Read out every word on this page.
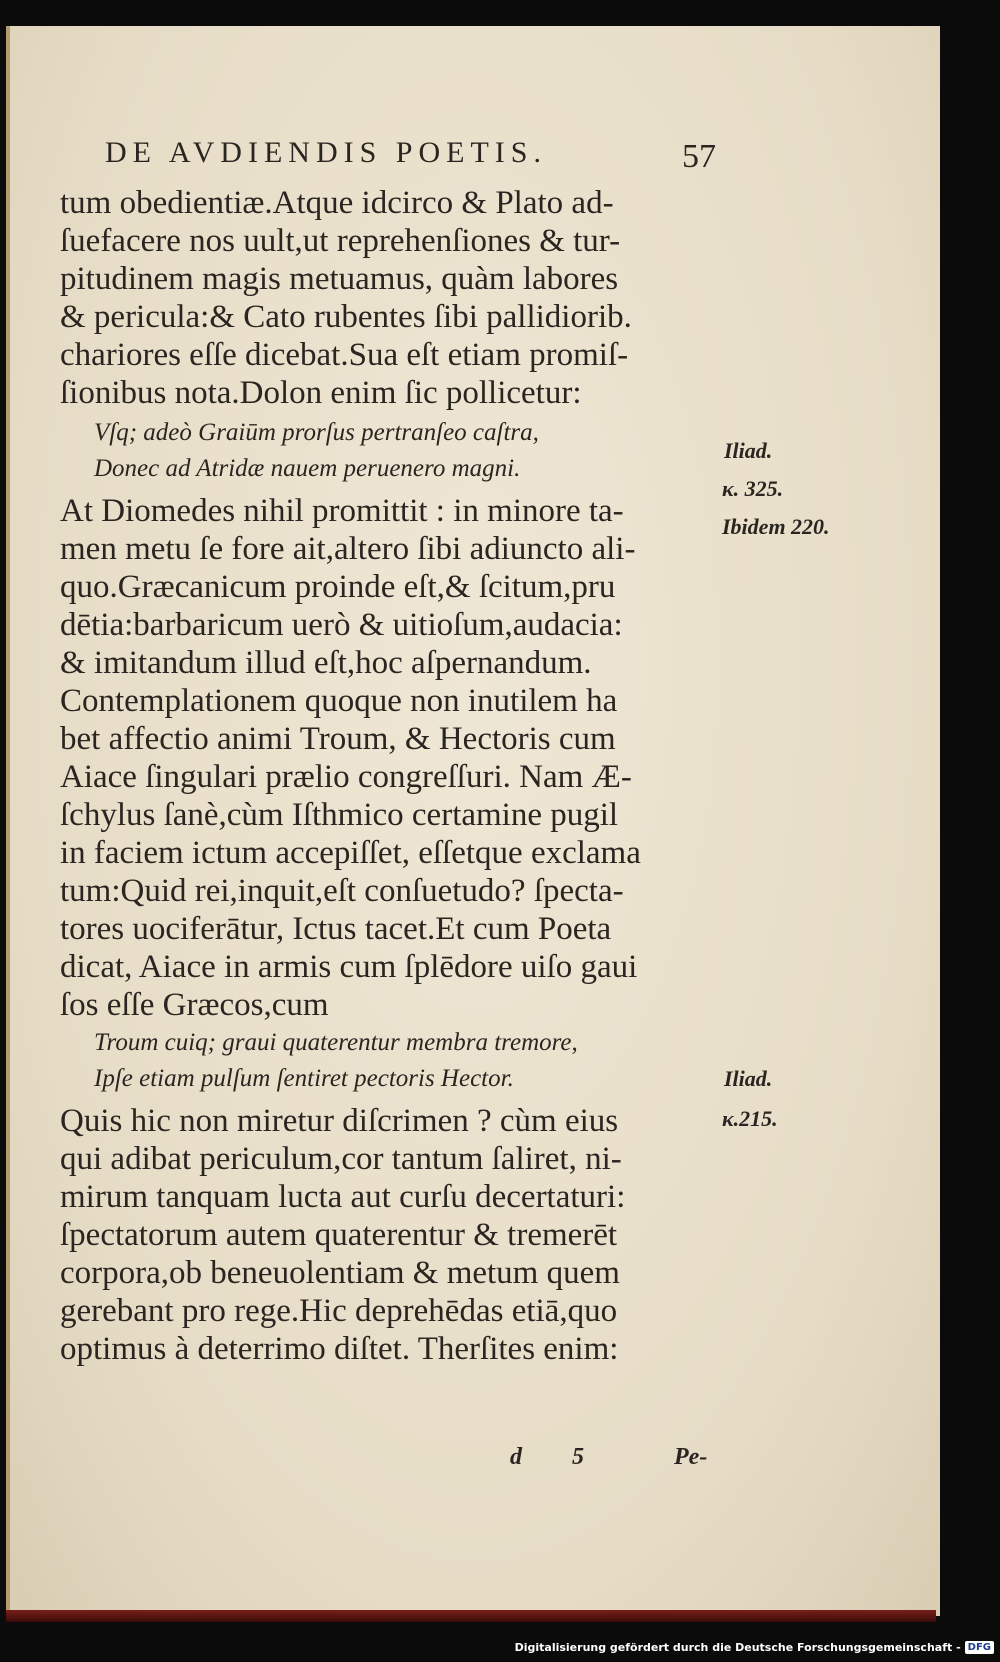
DE AVDIENDIS POETIS.	57
tum obedientiæ.Atque idcirco & Plato ad-
ſuefacere nos uult,ut reprehenſiones & tur-
pitudinem magis metuamus, quàm labores
& pericula:& Cato rubentes ſibi pallidiorib.
chariores eſſe dicebat.Sua eſt etiam promiſ-
ſionibus nota.Dolon enim ſic pollicetur:
Vſq; adeò Graiūm prorſus pertranſeo caſtra,
Donec ad Atridæ nauem peruenero magni.
At Diomedes nihil promittit : in minore ta-
men metu ſe fore ait,altero ſibi adiuncto ali-
quo.Græcanicum proinde eſt,& ſcitum,pru
dētia:barbaricum uerò & uitioſum,audacia:
& imitandum illud eſt,hoc aſpernandum.
Contemplationem quoque non inutilem ha
bet affectio animi Troum, & Hectoris cum
Aiace ſingulari prælio congreſſuri. Nam Æ-
ſchylus ſanè,cùm Iſthmico certamine pugil
in faciem ictum accepiſſet, eſſetque exclama
tum:Quid rei,inquit,eſt conſuetudo? ſpecta-
tores uociferātur, Ictus tacet.Et cum Poeta
dicat, Aiace in armis cum ſplēdore uiſo gaui
ſos eſſe Græcos,cum
Troum cuiq; graui quaterentur membra tremore,
Ipſe etiam pulſum ſentiret pectoris Hector.
Quis hic non miretur diſcrimen ? cùm eius
qui adibat periculum,cor tantum ſaliret, ni-
mirum tanquam lucta aut curſu decertaturi:
ſpectatorum autem quaterentur & tremerēt
corpora,ob beneuolentiam & metum quem
gerebant pro rege.Hic deprehēdas etiā,quo
optimus à deterrimo diſtet. Therſites enim:
Iliad.
κ. 325.
Ibidem 220.
Iliad.
κ.215.
d 5	Pe-
Digitalisierung gefördert durch die Deutsche Forschungsgemeinschaft - DFG
